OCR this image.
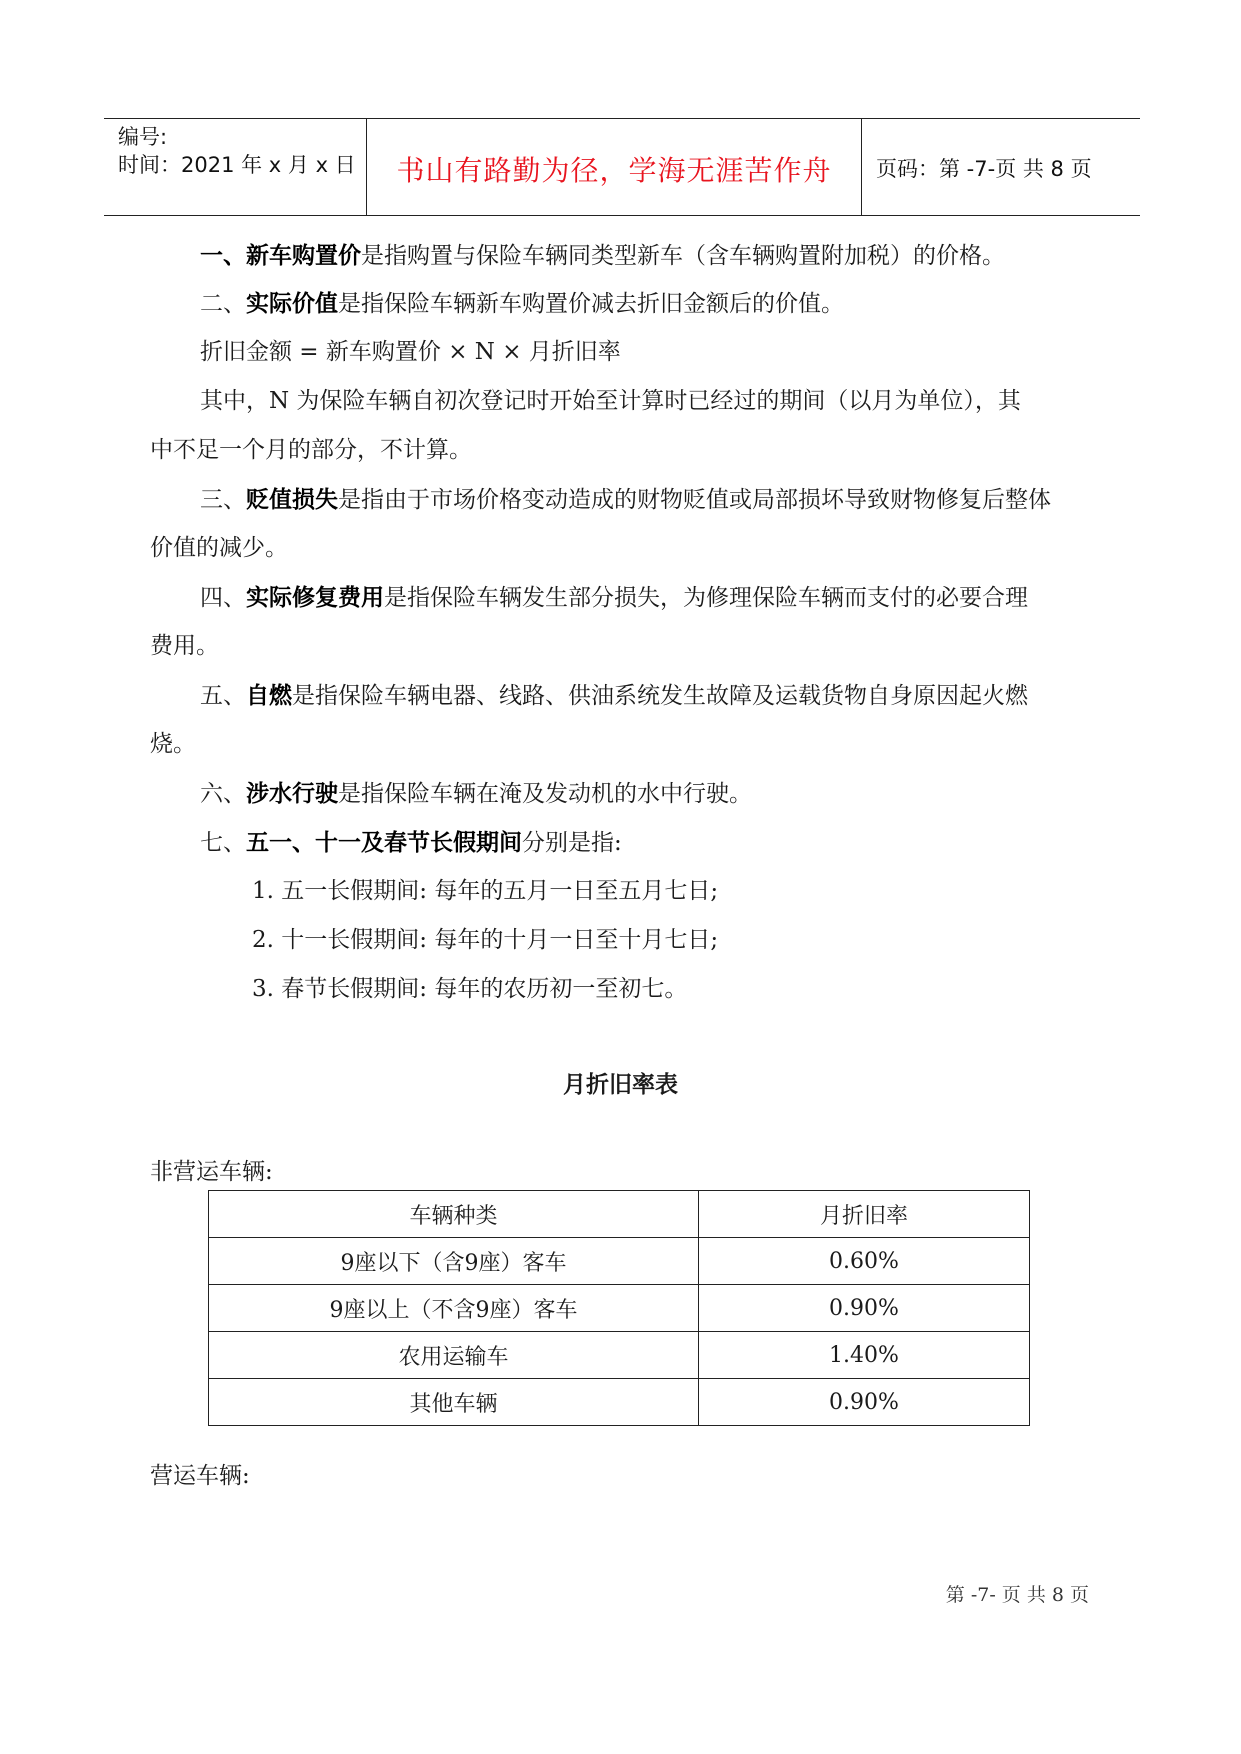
编号:
时间：2021 年 x 月 x 日	书山有路勤为径，学海无涯苦作舟	页码：第 -7-页 共 8 页
一、新车购置价是指购置与保险车辆同类型新车（含车辆购置附加税）的价格。
二、实际价值是指保险车辆新车购置价减去折旧金额后的价值。
折旧金额 = 新车购置价 × N × 月折旧率
其中，N 为保险车辆自初次登记时开始至计算时已经过的期间（以月为单位），其
中不足一个月的部分，不计算。
三、贬值损失是指由于市场价格变动造成的财物贬值或局部损坏导致财物修复后整体
价值的减少。
四、实际修复费用是指保险车辆发生部分损失，为修理保险车辆而支付的必要合理
费用。
五、自燃是指保险车辆电器、线路、供油系统发生故障及运载货物自身原因起火燃
烧。
六、涉水行驶是指保险车辆在淹及发动机的水中行驶。
七、五一、十一及春节长假期间分别是指:
1. 五一长假期间: 每年的五月一日至五月七日;
2. 十一长假期间: 每年的十月一日至十月七日;
3. 春节长假期间: 每年的农历初一至初七。
月折旧率表
非营运车辆:
车辆种类	月折旧率
9座以下（含9座）客车	0.60%
9座以上（不含9座）客车	0.90%
农用运输车	1.40%
其他车辆	0.90%
营运车辆:
第 -7- 页 共 8 页
